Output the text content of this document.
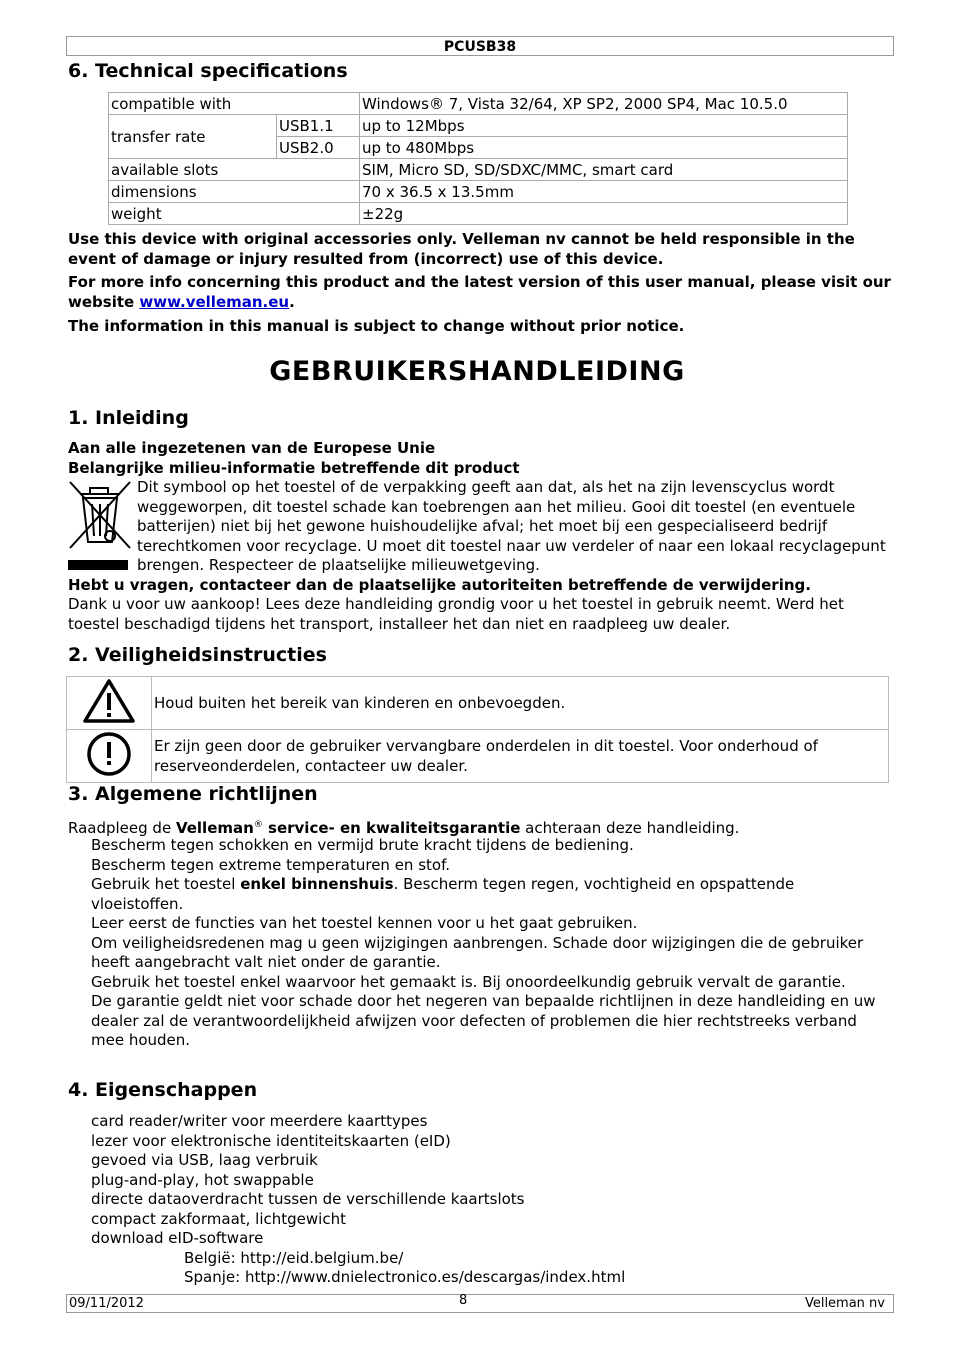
PCUSB38
6. Technical specifications
compatible with		Windows® 7, Vista 32/64, XP SP2, 2000 SP4, Mac 10.5.0
transfer rate	USB1.1	up to 12Mbps
	USB2.0	up to 480Mbps
available slots		SIM, Micro SD, SD/SDXC/MMC, smart card
dimensions		70 x 36.5 x 13.5mm
weight		±22g
Use this device with original accessories only. Velleman nv cannot be held responsible in the event of damage or injury resulted from (incorrect) use of this device.
For more info concerning this product and the latest version of this user manual, please visit our website www.velleman.eu.
The information in this manual is subject to change without prior notice.
GEBRUIKERSHANDLEIDING
1. Inleiding
Aan alle ingezetenen van de Europese Unie
Belangrijke milieu-informatie betreffende dit product
Dit symbool op het toestel of de verpakking geeft aan dat, als het na zijn levenscyclus wordt weggeworpen, dit toestel schade kan toebrengen aan het milieu. Gooi dit toestel (en eventuele batterijen) niet bij het gewone huishoudelijke afval; het moet bij een gespecialiseerd bedrijf terechtkomen voor recyclage. U moet dit toestel naar uw verdeler of naar een lokaal recyclagepunt brengen. Respecteer de plaatselijke milieuwetgeving.
Hebt u vragen, contacteer dan de plaatselijke autoriteiten betreffende de verwijdering.
Dank u voor uw aankoop! Lees deze handleiding grondig voor u het toestel in gebruik neemt. Werd het toestel beschadigd tijdens het transport, installeer het dan niet en raadpleeg uw dealer.
2. Veiligheidsinstructies
	Houd buiten het bereik van kinderen en onbevoegden.
	Er zijn geen door de gebruiker vervangbare onderdelen in dit toestel. Voor onderhoud of reserveonderdelen, contacteer uw dealer.
3. Algemene richtlijnen
Raadpleeg de Velleman® service- en kwaliteitsgarantie achteraan deze handleiding.
Bescherm tegen schokken en vermijd brute kracht tijdens de bediening.
Bescherm tegen extreme temperaturen en stof.
Gebruik het toestel enkel binnenshuis. Bescherm tegen regen, vochtigheid en opspattende vloeistoffen.
Leer eerst de functies van het toestel kennen voor u het gaat gebruiken.
Om veiligheidsredenen mag u geen wijzigingen aanbrengen. Schade door wijzigingen die de gebruiker heeft aangebracht valt niet onder de garantie.
Gebruik het toestel enkel waarvoor het gemaakt is. Bij onoordeelkundig gebruik vervalt de garantie.
De garantie geldt niet voor schade door het negeren van bepaalde richtlijnen in deze handleiding en uw dealer zal de verantwoordelijkheid afwijzen voor defecten of problemen die hier rechtstreeks verband mee houden.
4. Eigenschappen
card reader/writer voor meerdere kaarttypes
lezer voor elektronische identiteitskaarten (eID)
gevoed via USB, laag verbruik
plug-and-play, hot swappable
directe dataoverdracht tussen de verschillende kaartslots
compact zakformaat, lichtgewicht
download eID-software
België: http://eid.belgium.be/
Spanje: http://www.dnielectronico.es/descargas/index.html
09/11/2012	8	Velleman nv
